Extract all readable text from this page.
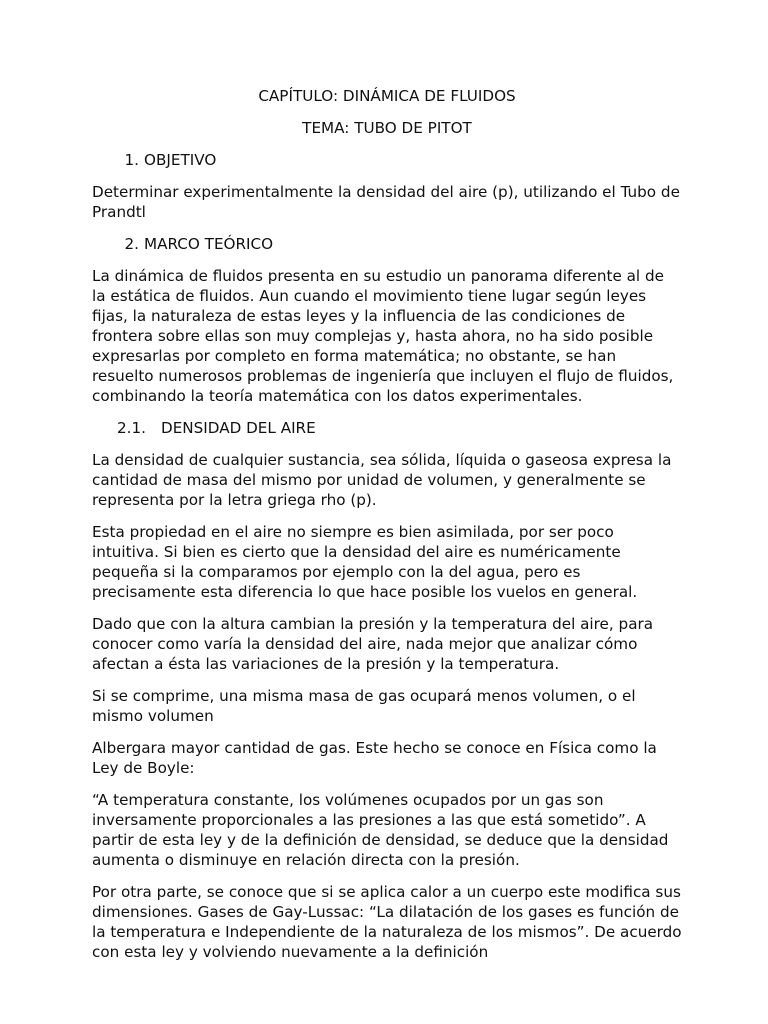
CAPÍTULO: DINÁMICA DE FLUIDOS
TEMA: TUBO DE PITOT
1. OBJETIVO
Determinar experimentalmente la densidad del aire (p), utilizando el Tubo de Prandtl
2. MARCO TEÓRICO
La dinámica de fluidos presenta en su estudio un panorama diferente al de la estática de fluidos. Aun cuando el movimiento tiene lugar según leyes fijas, la naturaleza de estas leyes y la influencia de las condiciones de frontera sobre ellas son muy complejas y, hasta ahora, no ha sido posible expresarlas por completo en forma matemática; no obstante, se han resuelto numerosos problemas de ingeniería que incluyen el flujo de fluidos, combinando la teoría matemática con los datos experimentales.
2.1. DENSIDAD DEL AIRE
La densidad de cualquier sustancia, sea sólida, líquida o gaseosa expresa la cantidad de masa del mismo por unidad de volumen, y generalmente se representa por la letra griega rho (p).
Esta propiedad en el aire no siempre es bien asimilada, por ser poco intuitiva. Si bien es cierto que la densidad del aire es numéricamente pequeña si la comparamos por ejemplo con la del agua, pero es precisamente esta diferencia lo que hace posible los vuelos en general.
Dado que con la altura cambian la presión y la temperatura del aire, para conocer como varía la densidad del aire, nada mejor que analizar cómo afectan a ésta las variaciones de la presión y la temperatura.
Si se comprime, una misma masa de gas ocupará menos volumen, o el mismo volumen
Albergara mayor cantidad de gas. Este hecho se conoce en Física como la Ley de Boyle:
“A temperatura constante, los volúmenes ocupados por un gas son inversamente proporcionales a las presiones a las que está sometido”. A partir de esta ley y de la definición de densidad, se deduce que la densidad aumenta o disminuye en relación directa con la presión.
Por otra parte, se conoce que si se aplica calor a un cuerpo este modifica sus dimensiones. Gases de Gay-Lussac: “La dilatación de los gases es función de la temperatura e Independiente de la naturaleza de los mismos”. De acuerdo con esta ley y volviendo nuevamente a la definición
